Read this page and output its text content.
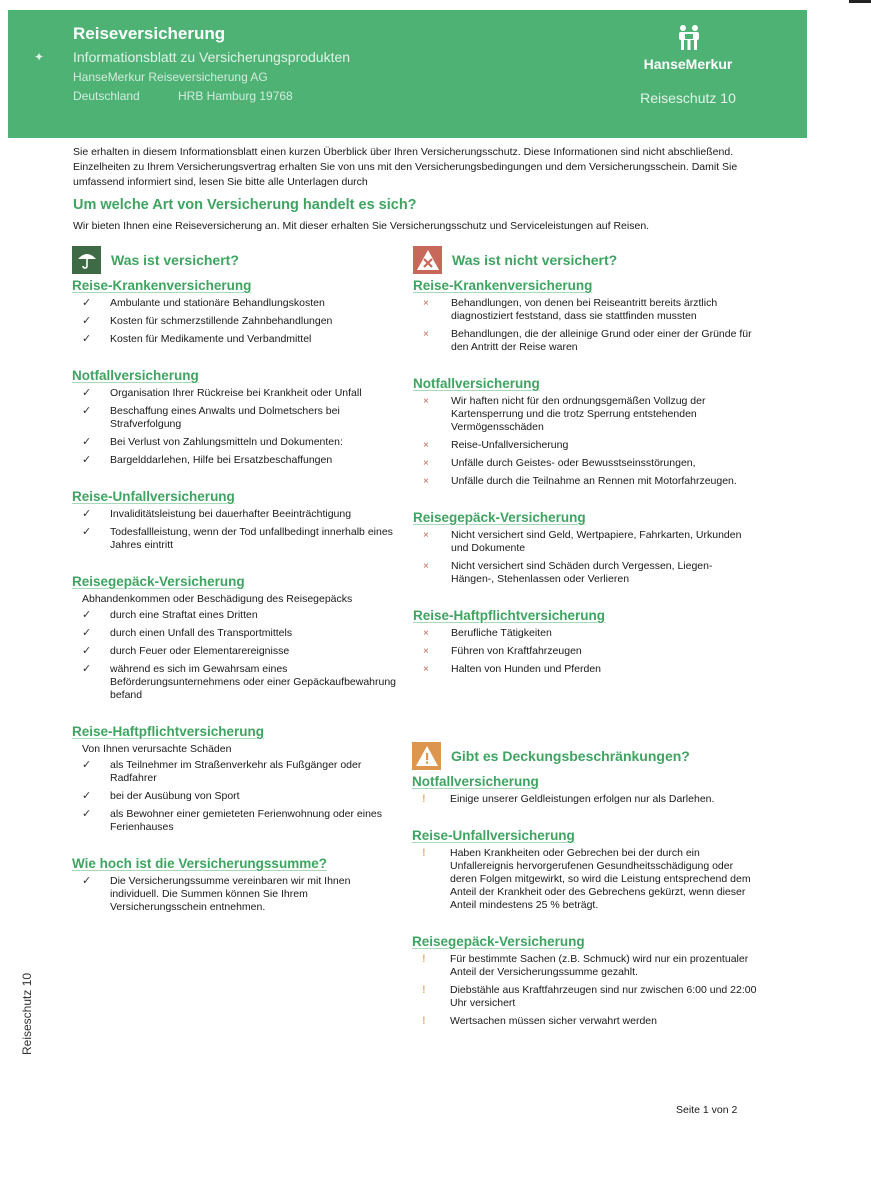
✦
Reiseversicherung
Informationsblatt zu Versicherungsprodukten
HanseMerkur Reiseversicherung AG
Deutschland	HRB Hamburg 19768
HanseMerkur
Reiseschutz 10
Sie erhalten in diesem Informationsblatt einen kurzen Überblick über Ihren Versicherungsschutz. Diese Informationen sind nicht abschließend. Einzelheiten zu Ihrem Versicherungsvertrag erhalten Sie von uns mit den Versicherungsbedingungen und dem Versicherungsschein. Damit Sie umfassend informiert sind, lesen Sie bitte alle Unterlagen durch
Um welche Art von Versicherung handelt es sich?
Wir bieten Ihnen eine Reiseversicherung an. Mit dieser erhalten Sie Versicherungsschutz und Serviceleistungen auf Reisen.
Was ist versichert?
Reise-Krankenversicherung
✓	Ambulante und stationäre Behandlungskosten
✓	Kosten für schmerzstillende Zahnbehandlungen
✓	Kosten für Medikamente und Verbandmittel
Notfallversicherung
✓	Organisation Ihrer Rückreise bei Krankheit oder Unfall
✓	Beschaffung eines Anwalts und Dolmetschers bei Strafverfolgung
✓	Bei Verlust von Zahlungsmitteln und Dokumenten:
✓	Bargelddarlehen, Hilfe bei Ersatzbeschaffungen
Reise-Unfallversicherung
✓	Invaliditätsleistung bei dauerhafter Beeinträchtigung
✓	Todesfallleistung, wenn der Tod unfallbedingt innerhalb eines Jahres eintritt
Reisegepäck-Versicherung
Abhandenkommen oder Beschädigung des Reisegepäcks
✓	durch eine Straftat eines Dritten
✓	durch einen Unfall des Transportmittels
✓	durch Feuer oder Elementarereignisse
✓	während es sich im Gewahrsam eines Beförderungsunternehmens oder einer Gepäckaufbewahrung befand
Reise-Haftpflichtversicherung
Von Ihnen verursachte Schäden
✓	als Teilnehmer im Straßenverkehr als Fußgänger oder Radfahrer
✓	bei der Ausübung von Sport
✓	als Bewohner einer gemieteten Ferienwohnung oder eines Ferienhauses
Wie hoch ist die Versicherungssumme?
✓	Die Versicherungssumme vereinbaren wir mit Ihnen individuell. Die Summen können Sie Ihrem Versicherungsschein entnehmen.
Was ist nicht versichert?
Reise-Krankenversicherung
×	Behandlungen, von denen bei Reiseantritt bereits ärztlich diagnostiziert feststand, dass sie stattfinden mussten
×	Behandlungen, die der alleinige Grund oder einer der Gründe für den Antritt der Reise waren
Notfallversicherung
×	Wir haften nicht für den ordnungsgemäßen Vollzug der Kartensperrung und die trotz Sperrung entstehenden Vermögensschäden
×	Reise-Unfallversicherung
×	Unfälle durch Geistes- oder Bewusstseinsstörungen,
×	Unfälle durch die Teilnahme an Rennen mit Motorfahrzeugen.
Reisegepäck-Versicherung
×	Nicht versichert sind Geld, Wertpapiere, Fahrkarten, Urkunden und Dokumente
×	Nicht versichert sind Schäden durch Vergessen, Liegen- Hängen-, Stehenlassen oder Verlieren
Reise-Haftpflichtversicherung
×	Berufliche Tätigkeiten
×	Führen von Kraftfahrzeugen
×	Halten von Hunden und Pferden
Gibt es Deckungsbeschränkungen?
Notfallversicherung
!	Einige unserer Geldleistungen erfolgen nur als Darlehen.
Reise-Unfallversicherung
!	Haben Krankheiten oder Gebrechen bei der durch ein Unfallereignis hervorgerufenen Gesundheitsschädigung oder deren Folgen mitgewirkt, so wird die Leistung entsprechend dem Anteil der Krankheit oder des Gebrechens gekürzt, wenn dieser Anteil mindestens 25 % beträgt.
Reisegepäck-Versicherung
!	Für bestimmte Sachen (z.B. Schmuck) wird nur ein prozentualer Anteil der Versicherungssumme gezahlt.
!	Diebstähle aus Kraftfahrzeugen sind nur zwischen 6:00 und 22:00 Uhr versichert
!	Wertsachen müssen sicher verwahrt werden
Reiseschutz 10
Seite 1 von 2
